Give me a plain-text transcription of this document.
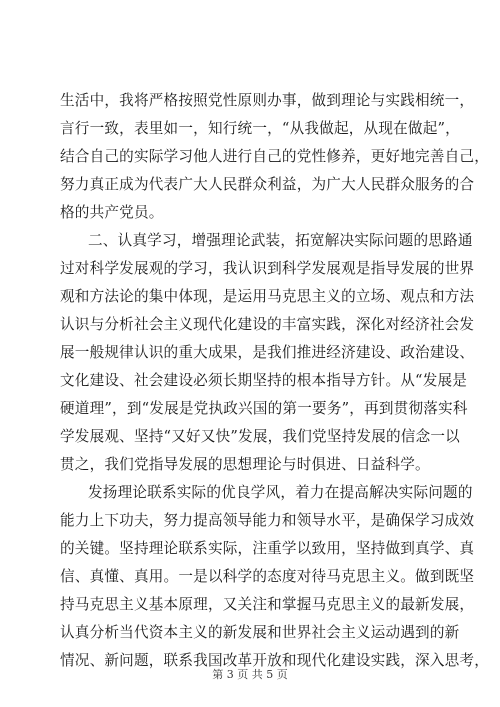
生活中，我将严格按照党性原则办事，做到理论与实践相统一，
言行一致，表里如一，知行统一，“从我做起，从现在做起”，
结合自己的实际学习他人进行自己的党性修养，更好地完善自己，
努力真正成为代表广大人民群众利益，为广大人民群众服务的合
格的共产党员。
二、认真学习，增强理论武装，拓宽解决实际问题的思路通
过对科学发展观的学习，我认识到科学发展观是指导发展的世界
观和方法论的集中体现，是运用马克思主义的立场、观点和方法
认识与分析社会主义现代化建设的丰富实践，深化对经济社会发
展一般规律认识的重大成果，是我们推进经济建设、政治建设、
文化建设、社会建设必须长期坚持的根本指导方针。从“发展是
硬道理”，到“发展是党执政兴国的第一要务”，再到贯彻落实科
学发展观、坚持“又好又快”发展，我们党坚持发展的信念一以
贯之，我们党指导发展的思想理论与时俱进、日益科学。
发扬理论联系实际的优良学风，着力在提高解决实际问题的
能力上下功夫，努力提高领导能力和领导水平，是确保学习成效
的关键。坚持理论联系实际，注重学以致用，坚持做到真学、真
信、真懂、真用。一是以科学的态度对待马克思主义。做到既坚
持马克思主义基本原理，又关注和掌握马克思主义的最新发展，
认真分析当代资本主义的新发展和世界社会主义运动遇到的新
情况、新问题，联系我国改革开放和现代化建设实践，深入思考，
第 3 页 共 5 页
